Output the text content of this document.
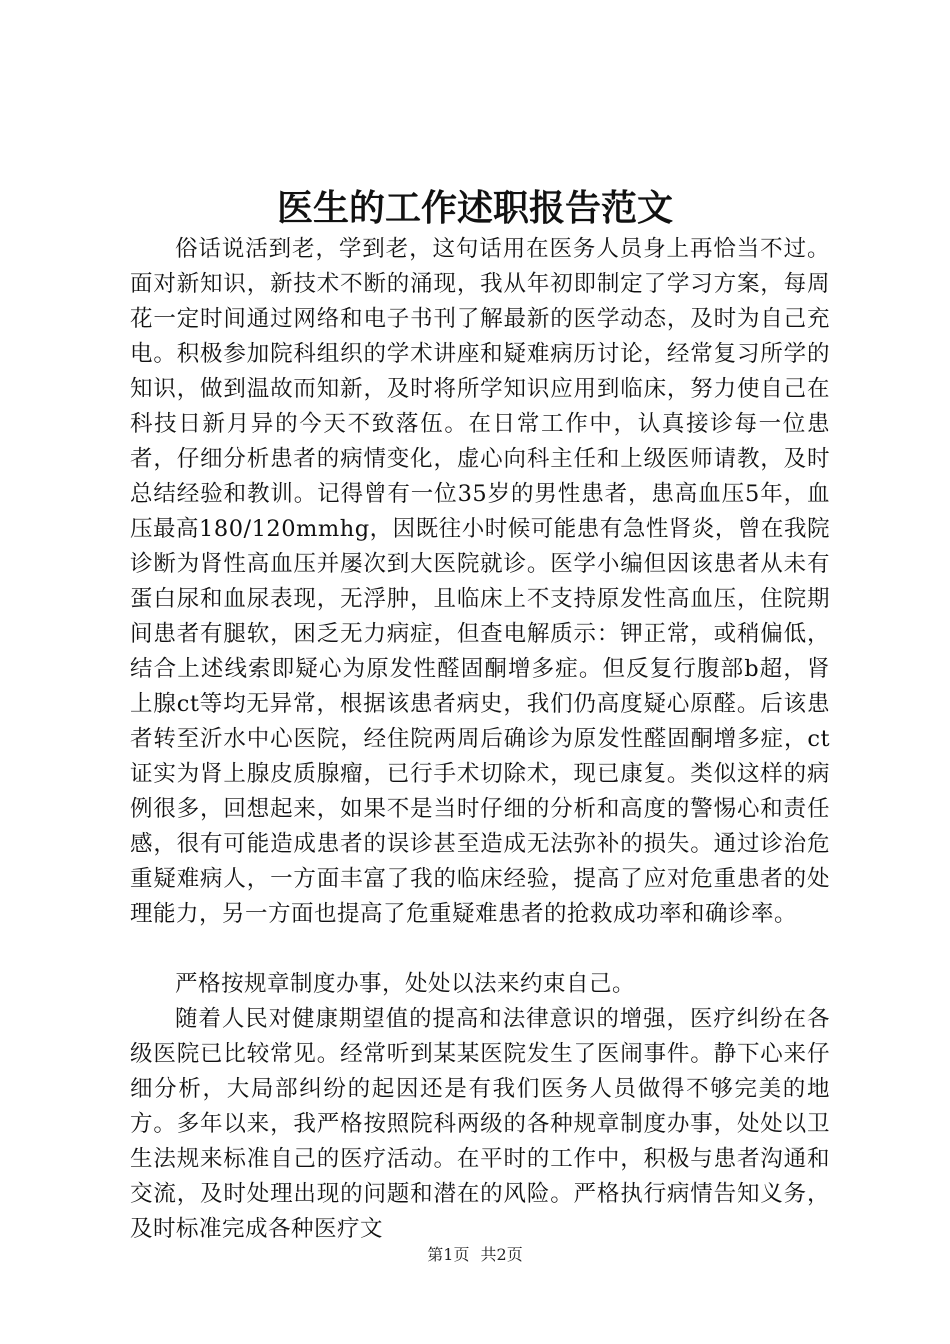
医生的工作述职报告范文

俗话说活到老，学到老，这句话用在医务人员身上再恰当不过。面对新知识，新技术不断的涌现，我从年初即制定了学习方案，每周花一定时间通过网络和电子书刊了解最新的医学动态，及时为自己充电。积极参加院科组织的学术讲座和疑难病历讨论，经常复习所学的知识，做到温故而知新，及时将所学知识应用到临床，努力使自己在科技日新月异的今天不致落伍。在日常工作中，认真接诊每一位患者，仔细分析患者的病情变化，虚心向科主任和上级医师请教，及时总结经验和教训。记得曾有一位35岁的男性患者，患高血压5年，血压最高180/120mmhg，因既往小时候可能患有急性肾炎，曾在我院诊断为肾性高血压并屡次到大医院就诊。医学小编但因该患者从未有蛋白尿和血尿表现，无浮肿，且临床上不支持原发性高血压，住院期间患者有腿软，困乏无力病症，但查电解质示：钾正常，或稍偏低，结合上述线索即疑心为原发性醛固酮增多症。但反复行腹部b超，肾上腺ct等均无异常，根据该患者病史，我们仍高度疑心原醛。后该患者转至沂水中心医院，经住院两周后确诊为原发性醛固酮增多症，ct证实为肾上腺皮质腺瘤，已行手术切除术，现已康复。类似这样的病例很多，回想起来，如果不是当时仔细的分析和高度的警惕心和责任感，很有可能造成患者的误诊甚至造成无法弥补的损失。通过诊治危重疑难病人，一方面丰富了我的临床经验，提高了应对危重患者的处理能力，另一方面也提高了危重疑难患者的抢救成功率和确诊率。

严格按规章制度办事，处处以法来约束自己。

随着人民对健康期望值的提高和法律意识的增强，医疗纠纷在各级医院已比较常见。经常听到某某医院发生了医闹事件。静下心来仔细分析，大局部纠纷的起因还是有我们医务人员做得不够完美的地方。多年以来，我严格按照院科两级的各种规章制度办事，处处以卫生法规来标准自己的医疗活动。在平时的工作中，积极与患者沟通和交流，及时处理出现的问题和潜在的风险。严格执行病情告知义务，及时标准完成各种医疗文

第1页 共2页
